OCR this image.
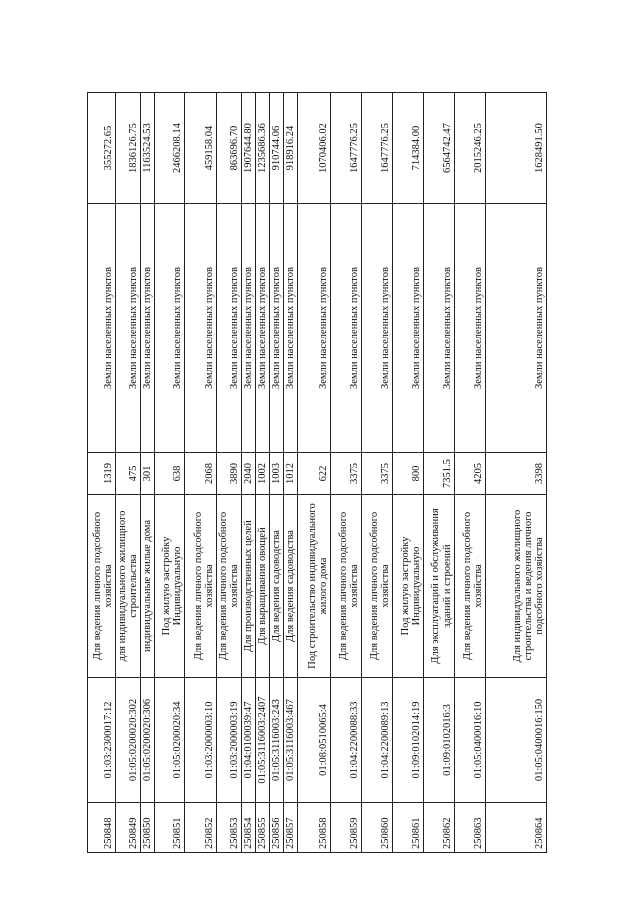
250848	01:03:2300017:12	Для ведения личного подсобного хозяйства	1319	Земли населенных пунктов	355272.65
250849	01:05:0200020:302	для индивидуального жилищного строительства	475	Земли населенных пунктов	1836126.75
250850	01:05:0200020:306	индивидуальные жилые дома	301	Земли населенных пунктов	1163524.53
250851	01:05:0200020:34	Под жилую застройку Индивидуальную	638	Земли населенных пунктов	2466208.14
250852	01:03:2000003:10	Для ведения личного подсобного хозяйства	2068	Земли населенных пунктов	459158.04
250853	01:03:2000003:19	Для ведения личного подсобного хозяйства	3890	Земли населенных пунктов	863696.70
250854	01:04:0100039:47	Для производственных целей	2040	Земли населенных пунктов	1907644.80
250855	01:05:3116003:2407	Для выращивания овощей	1002	Земли населенных пунктов	1235686.36
250856	01:05:3116003:243	Для ведения садоводства	1003	Земли населенных пунктов	910744.06
250857	01:05:3116003:467	Для ведения садоводства	1012	Земли населенных пунктов	918916.24
250858	01:08:0510065:4	Под строительство индивидуального жилого дома	622	Земли населенных пунктов	1070406.02
250859	01:04:2200088:33	Для ведения личного подсобного хозяйства	3375	Земли населенных пунктов	1647776.25
250860	01:04:2200089:13	Для ведения личного подсобного хозяйства	3375	Земли населенных пунктов	1647776.25
250861	01:09:0102014:19	Под жилую застройку Индивидуальную	800	Земли населенных пунктов	714384.00
250862	01:09:0102016:3	Для эксплуатаций и обслуживания зданий и строений	7351.5	Земли населенных пунктов	6564742.47
250863	01:05:0400016:10	Для ведения личного подсобного хозяйства	4205	Земли населенных пунктов	2015246.25
250864	01:05:0400016:150	Для индивидуального жилищного строительства и ведения личного подсобного хозяйства	3398	Земли населенных пунктов	1628491.50
